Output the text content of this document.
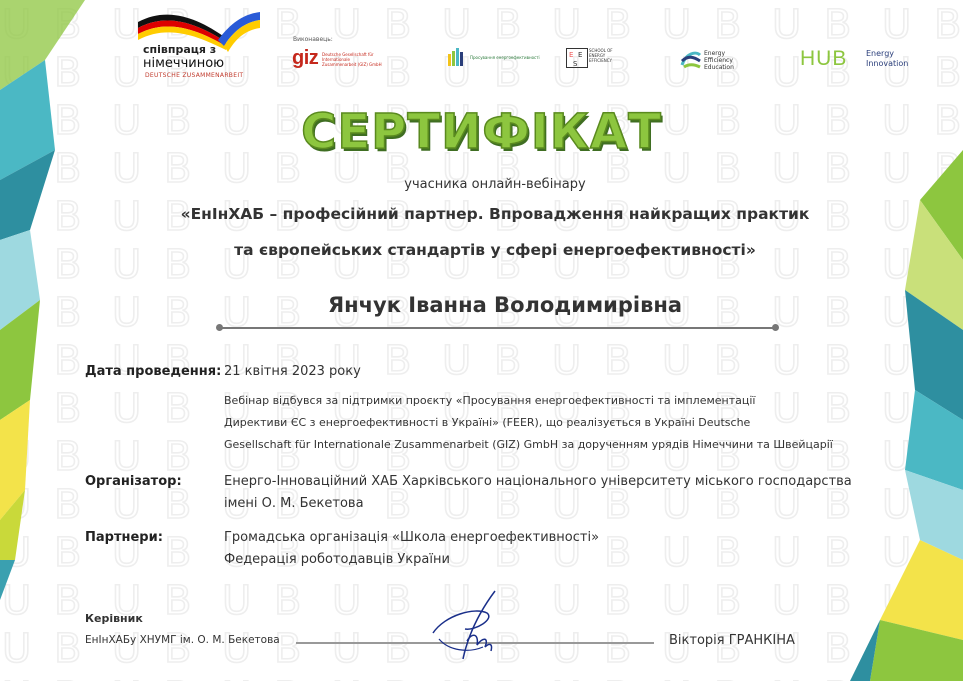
співпраця з
німеччиною
DEUTSCHE ZUSAMMENARBEIT
Виконавець:
giz Deutsche Gesellschaft für Internationale Zusammenarbeit (GIZ) GmbH
Просування енергоефективності	E E
S
SCHOOL OF ENERGY EFFICIENCY
Energy
Efficiency
Education	HUB Energy
Innovation
СЕРТИФІКАТ
учасника онлайн-вебінару
«ЕнІнХАБ – професійний партнер. Впровадження найкращих практик
та європейських стандартів у сфері енергоефективності»
Янчук Іванна Володимирівна
Дата проведення: 21 квітня 2023 року
Вебінар відбувся за підтримки проєкту «Просування енергоефективності та імплементації
Директиви ЄС з енергоефективності в Україні» (FEER), що реалізується в Україні Deutsche
Gesellschaft für Internationale Zusammenarbeit (GIZ) GmbH за дорученням урядів Німеччини та Швейцарії
Організатор:	Енерго-Інноваційний ХАБ Харківського національного університету міського господарства
імені О. М. Бекетова
Партнери:	Громадська організація «Школа енергоефективності»
Федерація роботодавців України
Керівник
ЕнІнХАБу ХНУМГ ім. О. М. Бекетова	Вікторія ГРАНКІНА
